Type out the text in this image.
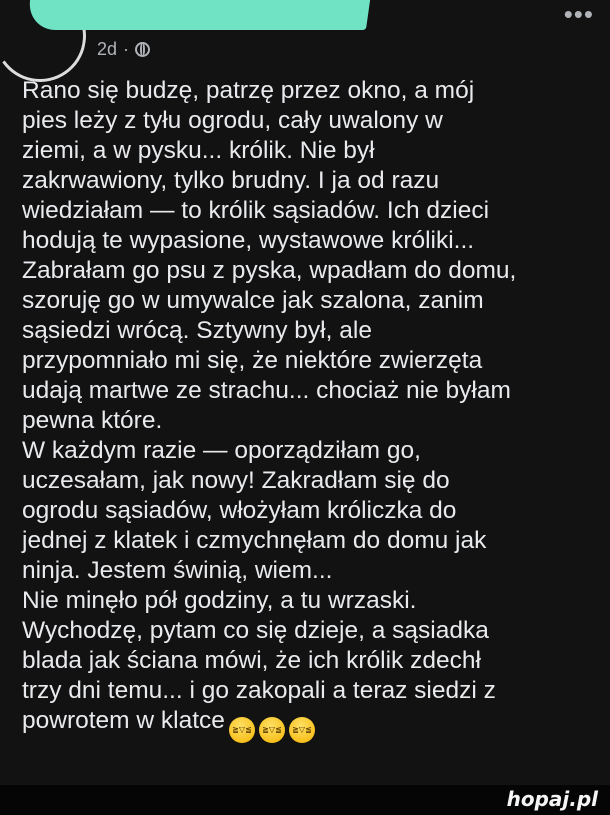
2d ·
•••
Rano się budzę, patrzę przez okno, a mój
pies leży z tyłu ogrodu, cały uwalony w
ziemi, a w pysku... królik. Nie był
zakrwawiony, tylko brudny. I ja od razu
wiedziałam — to królik sąsiadów. Ich dzieci
hodują te wypasione, wystawowe króliki...
Zabrałam go psu z pyska, wpadłam do domu,
szoruję go w umywalce jak szalona, zanim
sąsiedzi wrócą. Sztywny był, ale
przypomniało mi się, że niektóre zwierzęta
udają martwe ze strachu... chociaż nie byłam
pewna które.
W każdym razie — oporządziłam go,
uczesałam, jak nowy! Zakradłam się do
ogrodu sąsiadów, włożyłam króliczka do
jednej z klatek i czmychnęłam do domu jak
ninja. Jestem świnią, wiem...
Nie minęło pół godziny, a tu wrzaski.
Wychodzę, pytam co się dzieje, a sąsiadka
blada jak ściana mówi, że ich królik zdechł
trzy dni temu... i go zakopali a teraz siedzi z
powrotem w klatce ≧▽≦ ≧▽≦ ≧▽≦
hopaj.pl
